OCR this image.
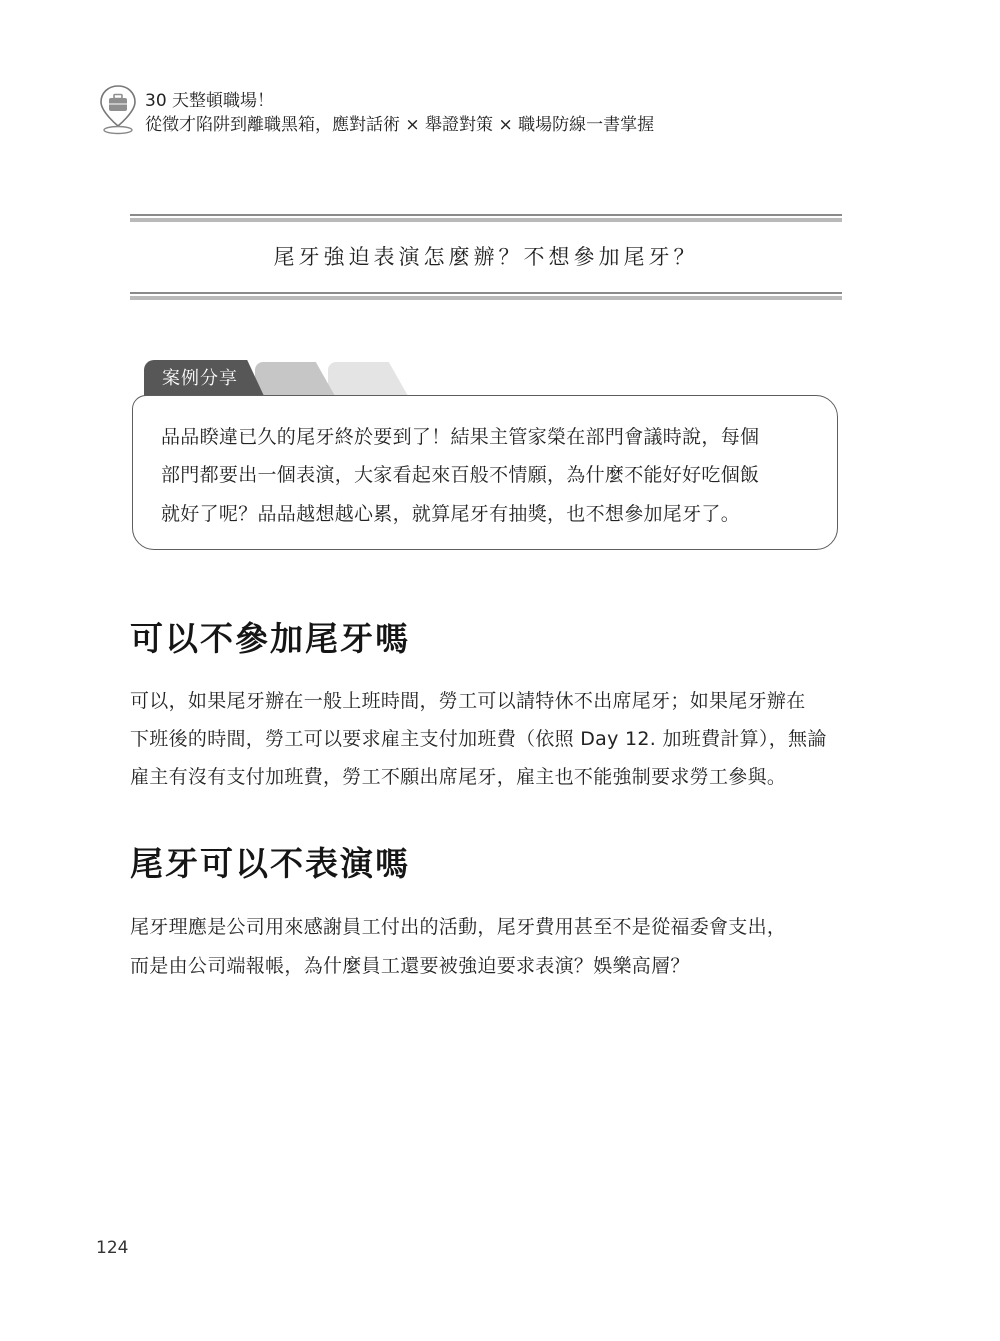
30 天整頓職場！
從徵才陷阱到離職黑箱，應對話術 × 舉證對策 × 職場防線一書掌握
尾牙強迫表演怎麼辦？不想參加尾牙？
案例分享
品品睽違已久的尾牙終於要到了！結果主管家榮在部門會議時說，每個
部門都要出一個表演，大家看起來百般不情願，為什麼不能好好吃個飯
就好了呢？品品越想越心累，就算尾牙有抽獎，也不想參加尾牙了。
可以不參加尾牙嗎
可以，如果尾牙辦在一般上班時間，勞工可以請特休不出席尾牙；如果尾牙辦在
下班後的時間，勞工可以要求雇主支付加班費（依照 Day 12. 加班費計算），無論
雇主有沒有支付加班費，勞工不願出席尾牙，雇主也不能強制要求勞工參與。
尾牙可以不表演嗎
尾牙理應是公司用來感謝員工付出的活動，尾牙費用甚至不是從福委會支出，
而是由公司端報帳，為什麼員工還要被強迫要求表演？娛樂高層？
124
